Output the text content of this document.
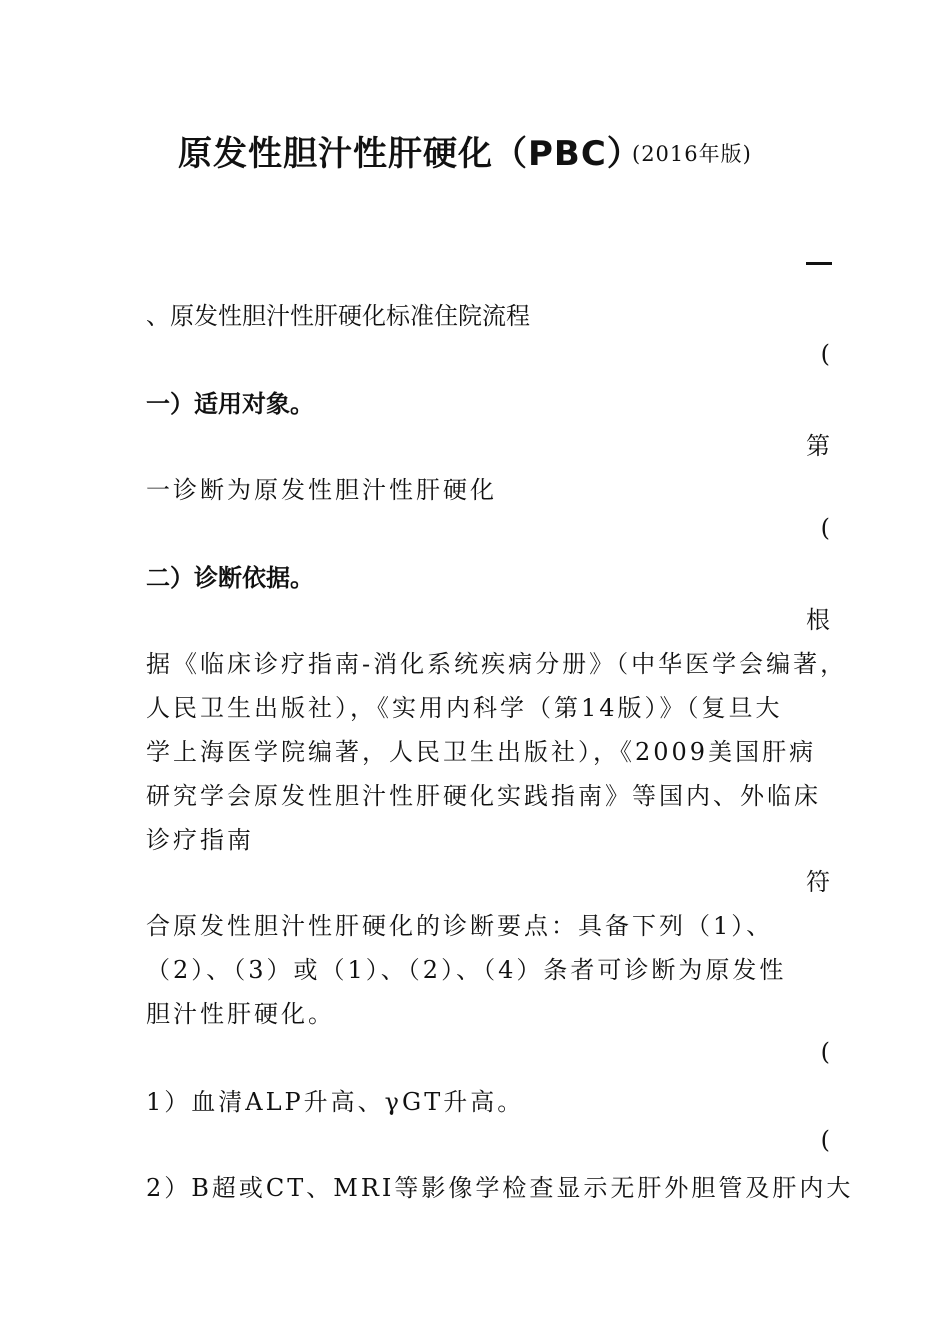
原发性胆汁性肝硬化（PBC）
(2016年版)
、原发性胆汁性肝硬化标准住院流程
(
一）适用对象。
第
一诊断为原发性胆汁性肝硬化
(
二）诊断依据。
根
据《临床诊疗指南-消化系统疾病分册》（中华医学会编著，
人民卫生出版社），《实用内科学（第14版）》（复旦大
学上海医学院编著，人民卫生出版社），《2009美国肝病
研究学会原发性胆汁性肝硬化实践指南》等国内、外临床
诊疗指南
符
合原发性胆汁性肝硬化的诊断要点：具备下列（1）、
（2）、（3）或（1）、（2）、（4）条者可诊断为原发性
胆汁性肝硬化。
(
1）血清ALP升高、γGT升高。
(
2）B超或CT、MRI等影像学检查显示无肝外胆管及肝内大
